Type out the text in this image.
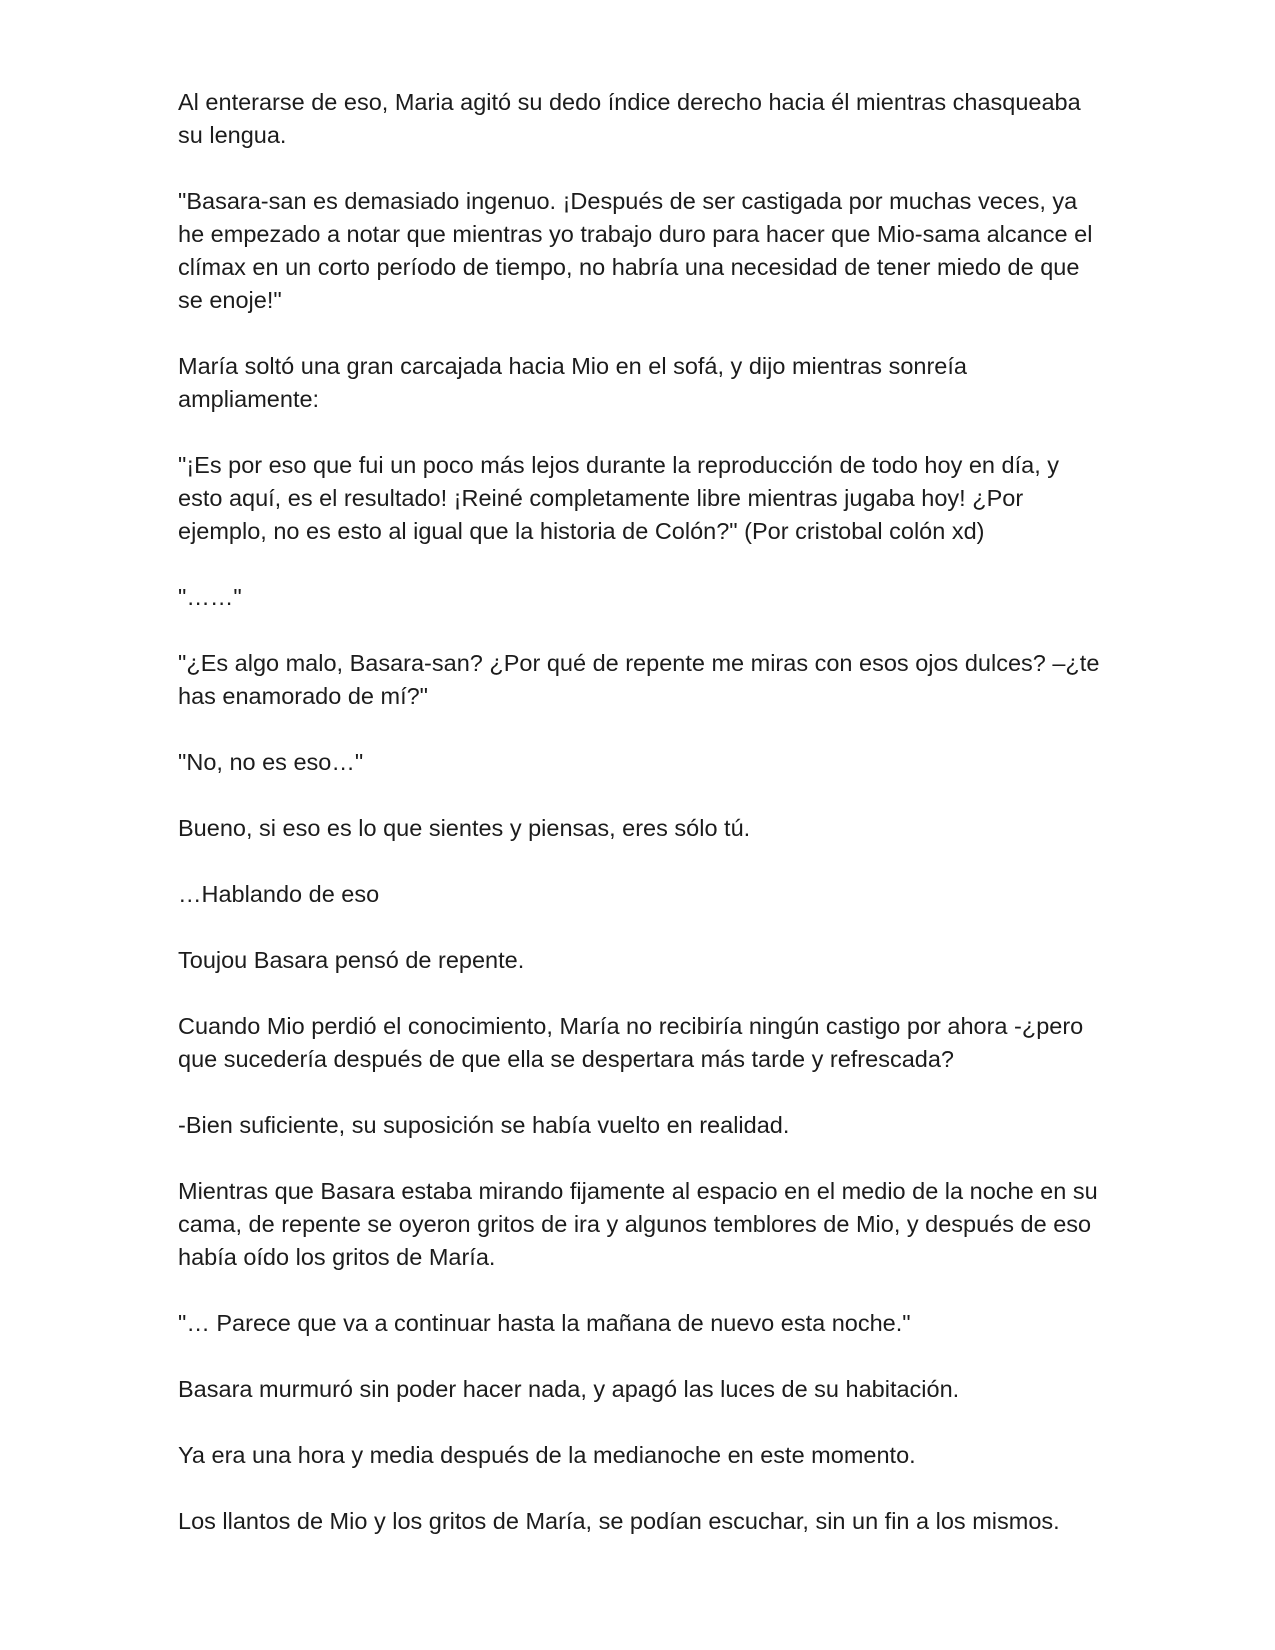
Al enterarse de eso, Maria agitó su dedo índice derecho hacia él mientras chasqueaba su lengua.

"Basara-san es demasiado ingenuo. ¡Después de ser castigada por muchas veces, ya he empezado a notar que mientras yo trabajo duro para hacer que Mio-sama alcance el clímax en un corto período de tiempo, no habría una necesidad de tener miedo de que se enoje!"

María soltó una gran carcajada hacia Mio en el sofá, y dijo mientras sonreía ampliamente:

"¡Es por eso que fui un poco más lejos durante la reproducción de todo hoy en día, y esto aquí, es el resultado! ¡Reiné completamente libre mientras jugaba hoy! ¿Por ejemplo, no es esto al igual que la historia de Colón?" (Por cristobal colón xd)

"……"

"¿Es algo malo, Basara-san? ¿Por qué de repente me miras con esos ojos dulces? –¿te has enamorado de mí?"

"No, no es eso…"

Bueno, si eso es lo que sientes y piensas, eres sólo tú.

…Hablando de eso

Toujou Basara pensó de repente.

Cuando Mio perdió el conocimiento, María no recibiría ningún castigo por ahora -¿pero que sucedería después de que ella se despertara más tarde y refrescada?

-Bien suficiente, su suposición se había vuelto en realidad.

Mientras que Basara estaba mirando fijamente al espacio en el medio de la noche en su cama, de repente se oyeron gritos de ira y algunos temblores de Mio, y después de eso había oído los gritos de María.

"… Parece que va a continuar hasta la mañana de nuevo esta noche."

Basara murmuró sin poder hacer nada, y apagó las luces de su habitación.

Ya era una hora y media después de la medianoche en este momento.

Los llantos de Mio y los gritos de María, se podían escuchar, sin un fin a los mismos.
